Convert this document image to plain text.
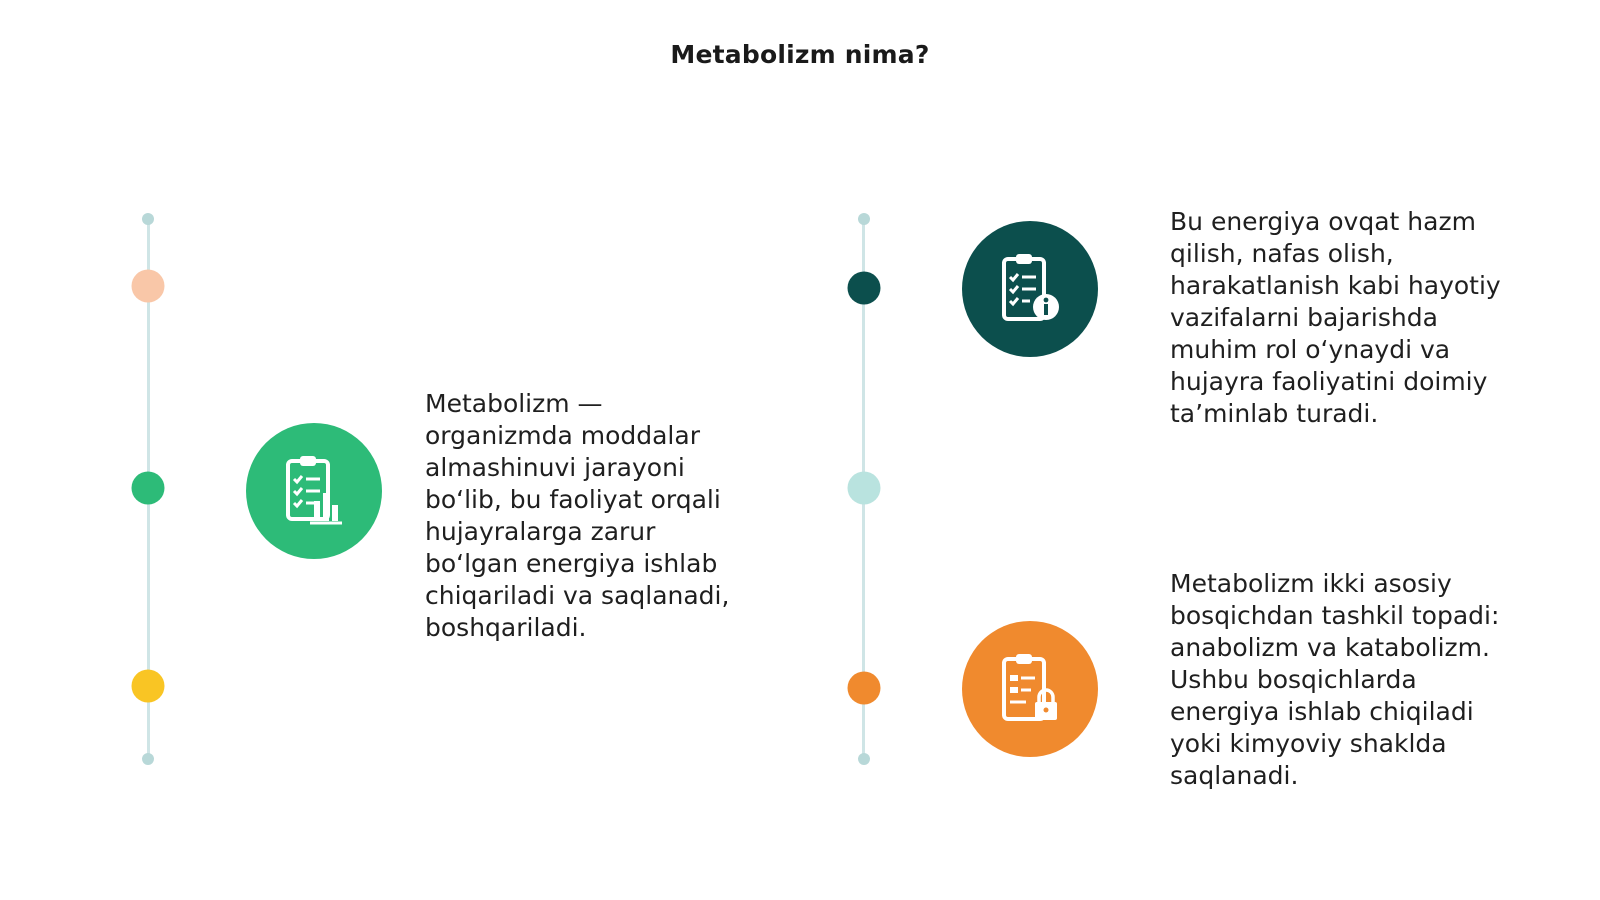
Metabolizm nima?
Metabolizm —
organizmda moddalar
almashinuvi jarayoni
bo‘lib, bu faoliyat orqali
hujayralarga zarur
bo‘lgan energiya ishlab
chiqariladi va saqlanadi,
boshqariladi.
Bu energiya ovqat hazm
qilish, nafas olish,
harakatlanish kabi hayotiy
vazifalarni bajarishda
muhim rol o‘ynaydi va
hujayra faoliyatini doimiy
ta’minlab turadi.
Metabolizm ikki asosiy
bosqichdan tashkil topadi:
anabolizm va katabolizm.
Ushbu bosqichlarda
energiya ishlab chiqiladi
yoki kimyoviy shaklda
saqlanadi.
